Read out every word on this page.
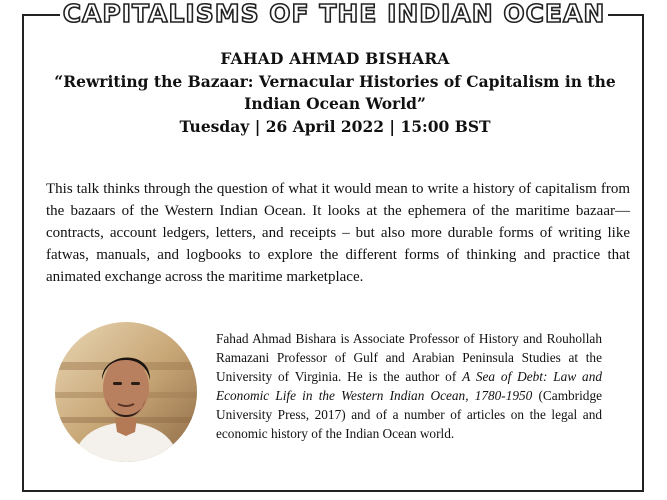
CAPITALISMS OF THE INDIAN OCEAN
FAHAD AHMAD BISHARA
“Rewriting the Bazaar: Vernacular Histories of Capitalism in the
Indian Ocean World”
Tuesday | 26 April 2022 | 15:00 BST

This talk thinks through the question of what it would mean to write a history of capitalism from the bazaars of the Western Indian Ocean. It looks at the ephemera of the maritime bazaar— contracts, account ledgers, letters, and receipts – but also more durable forms of writing like fatwas, manuals, and logbooks to explore the different forms of thinking and practice that animated exchange across the maritime marketplace.

Fahad Ahmad Bishara is Associate Professor of History and Rouhollah Ramazani Professor of Gulf and Arabian Peninsula Studies at the University of Virginia. He is the author of A Sea of Debt: Law and Economic Life in the Western Indian Ocean, 1780-1950 (Cambridge University Press, 2017) and of a number of articles on the legal and economic history of the Indian Ocean world.
